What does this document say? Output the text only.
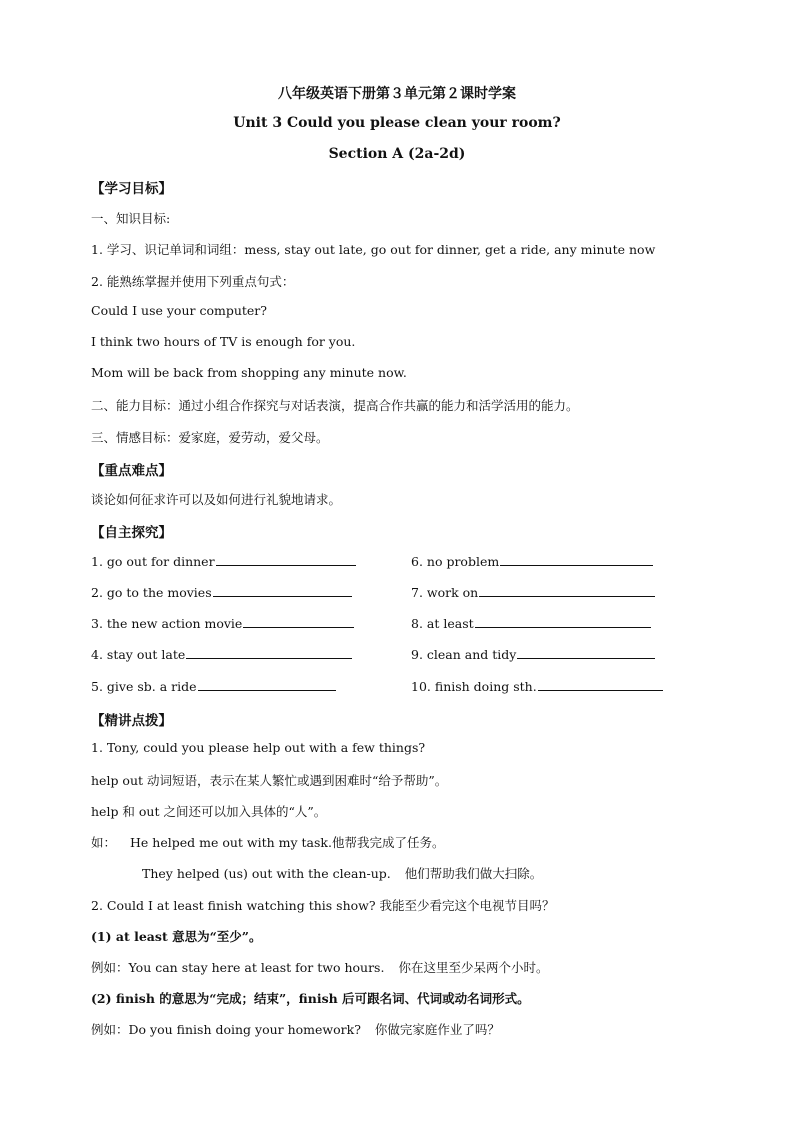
八年级英语下册第３单元第２课时学案
Unit 3 Could you please clean your room?
Section A (2a-2d)
【学习目标】
一、知识目标:
1. 学习、识记单词和词组：mess, stay out late, go out for dinner, get a ride, any minute now
2. 能熟练掌握并使用下列重点句式：
Could I use your computer?
I think two hours of TV is enough for you.
Mom will be back from shopping any minute now.
二、能力目标：通过小组合作探究与对话表演，提高合作共赢的能力和活学活用的能力。
三、情感目标：爱家庭，爱劳动，爱父母。
【重点难点】
谈论如何征求许可以及如何进行礼貌地请求。
【自主探究】
1. go out for dinner	6. no problem
2. go to the movies	7. work on
3. the new action movie	8. at least
4. stay out late	9. clean and tidy
5. give sb. a ride	10. finish doing sth.
【精讲点拨】
1. Tony, could you please help out with a few things?
help out 动词短语，表示在某人繁忙或遇到困难时“给予帮助”。
help 和 out 之间还可以加入具体的“人”。
如： He helped me out with my task.他帮我完成了任务。
They helped (us) out with the clean-up. 他们帮助我们做大扫除。
2. Could I at least finish watching this show? 我能至少看完这个电视节目吗？
(1) at least 意思为“至少”。
例如：You can stay here at least for two hours. 你在这里至少呆两个小时。
(2) finish 的意思为“完成；结束”，finish 后可跟名词、代词或动名词形式。
例如：Do you finish doing your homework? 你做完家庭作业了吗？
